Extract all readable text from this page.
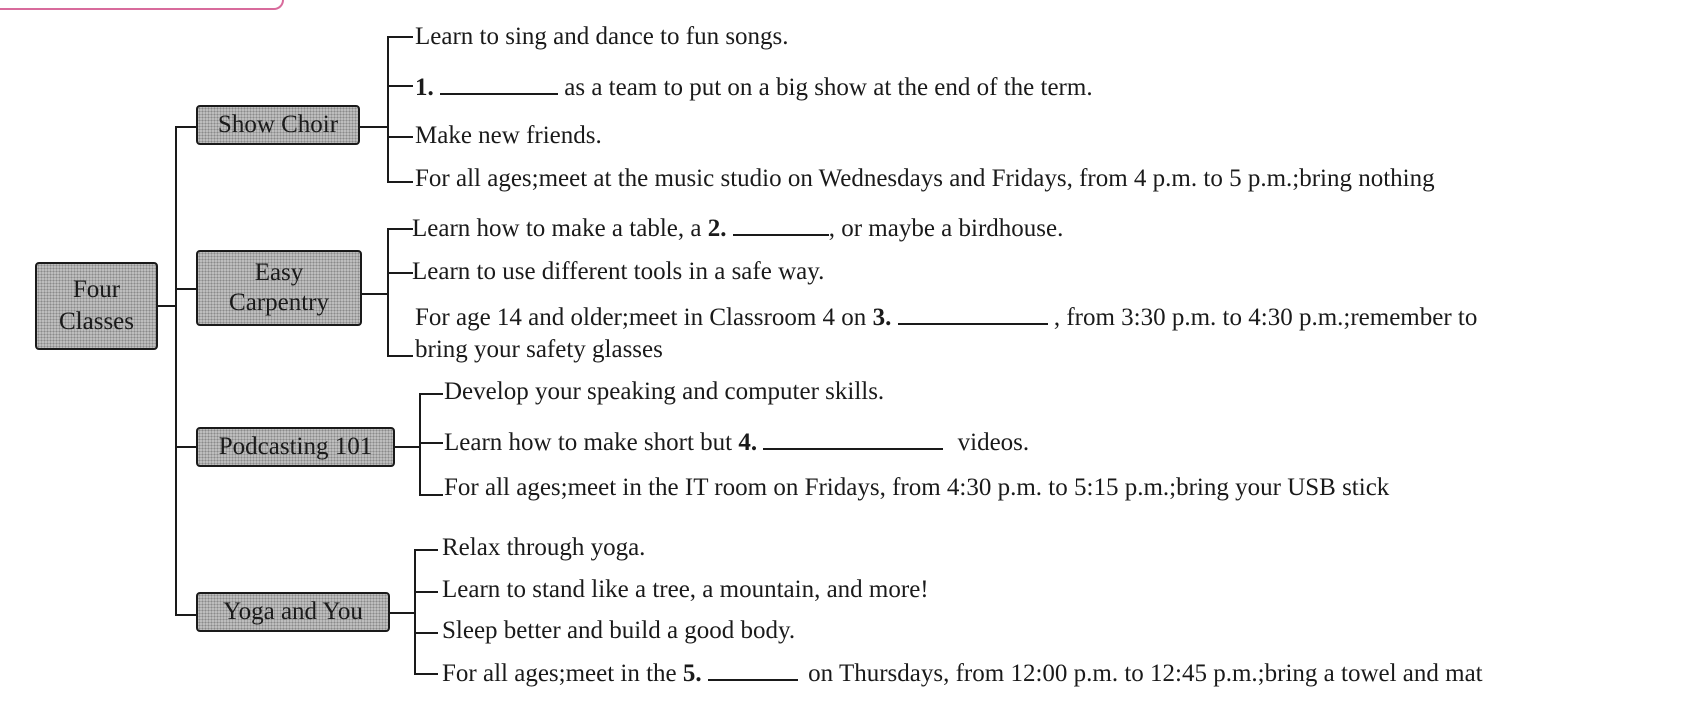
Four
Classes
Show Choir
Easy
Carpentry
Podcasting 101
Yoga and You
Learn to sing and dance to fun songs.
1.	as a team to put on a big show at the end of the term.
Make new friends.
For all ages;meet at the music studio on Wednesdays and Fridays, from 4 p.m. to 5 p.m.;bring nothing
Learn how to make a table, a 2.	, or maybe a birdhouse.
Learn to use different tools in a safe way.
For age 14 and older;meet in Classroom 4 on 3.	, from 3:30 p.m. to 4:30 p.m.;remember to
bring your safety glasses
Develop your speaking and computer skills.
Learn how to make short but 4.	videos.
For all ages;meet in the IT room on Fridays, from 4:30 p.m. to 5:15 p.m.;bring your USB stick
Relax through yoga.
Learn to stand like a tree, a mountain, and more!
Sleep better and build a good body.
For all ages;meet in the 5.	on Thursdays, from 12:00 p.m. to 12:45 p.m.;bring a towel and mat
